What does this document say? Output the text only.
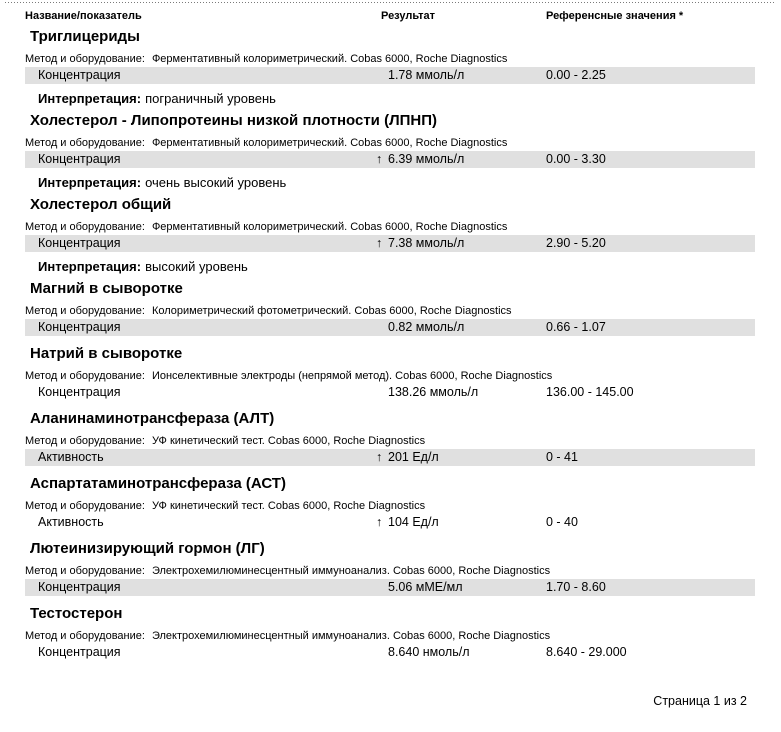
Название/показатель	Результат	Референсные значения *
Триглицериды
Метод и оборудование: Ферментативный колориметрический. Cobas 6000, Roche Diagnostics
Концентрация	1.78 ммоль/л	0.00 - 2.25
Интерпретация: пограничный уровень
Холестерол - Липопротеины низкой плотности (ЛПНП)
Метод и оборудование: Ферментативный колориметрический. Cobas 6000, Roche Diagnostics
Концентрация	↑ 6.39 ммоль/л	0.00 - 3.30
Интерпретация: очень высокий уровень
Холестерол общий
Метод и оборудование: Ферментативный колориметрический. Cobas 6000, Roche Diagnostics
Концентрация	↑ 7.38 ммоль/л	2.90 - 5.20
Интерпретация: высокий уровень
Магний в сыворотке
Метод и оборудование: Колориметрический фотометрический. Cobas 6000, Roche Diagnostics
Концентрация	0.82 ммоль/л	0.66 - 1.07
Натрий в сыворотке
Метод и оборудование: Ионселективные электроды (непрямой метод). Cobas 6000, Roche Diagnostics
Концентрация	138.26 ммоль/л	136.00 - 145.00
Аланинаминотрансфераза (АЛТ)
Метод и оборудование: УФ кинетический тест. Cobas 6000, Roche Diagnostics
Активность	↑ 201 Ед/л	0 - 41
Аспартатаминотрансфераза (АСТ)
Метод и оборудование: УФ кинетический тест. Cobas 6000, Roche Diagnostics
Активность	↑ 104 Ед/л	0 - 40
Лютеинизирующий гормон (ЛГ)
Метод и оборудование: Электрохемилюминесцентный иммуноанализ. Cobas 6000, Roche Diagnostics
Концентрация	5.06 мМЕ/мл	1.70 - 8.60
Тестостерон
Метод и оборудование: Электрохемилюминесцентный иммуноанализ. Cobas 6000, Roche Diagnostics
Концентрация	8.640 нмоль/л	8.640 - 29.000
Страница 1 из 2
